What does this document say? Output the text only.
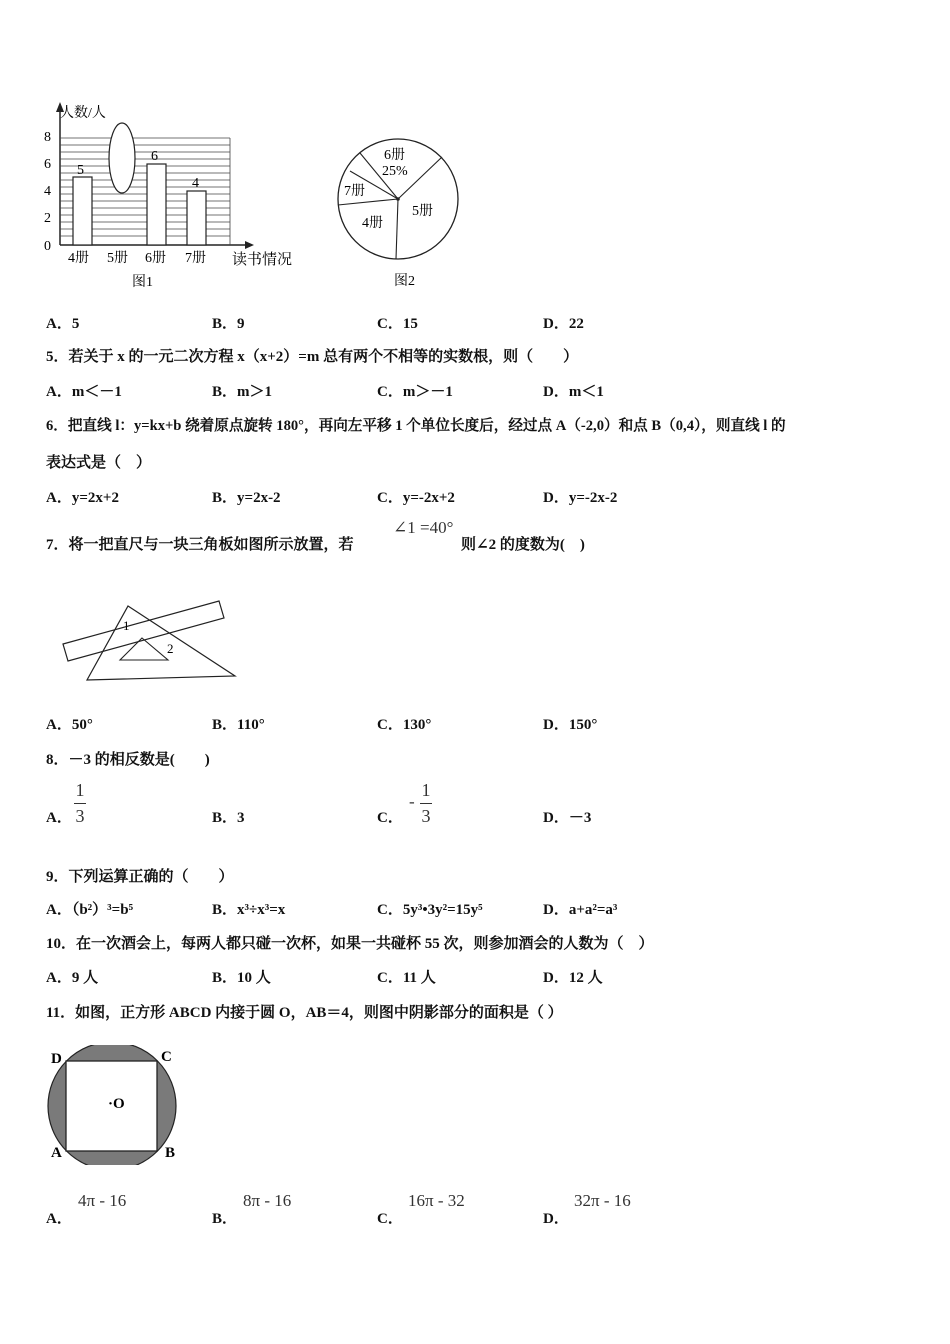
人数/人
0
2
4
6
8
5
6
4
4册 5册 6册 7册 读书情况
图1
6册
25%
7册
4册
5册
图2
A．5	B．9	C．15	D．22
5．若关于 x 的一元二次方程 x（x+2）=m 总有两个不相等的实数根，则（　　）
A．m＜－1	B．m＞1	C．m＞－1	D．m＜1
6．把直线 l：y=kx+b 绕着原点旋转 180°，再向左平移 1 个单位长度后，经过点 A（-2,0）和点 B（0,4），则直线 l 的
表达式是（　）
A．y=2x+2	B．y=2x-2	C．y=-2x+2	D．y=-2x-2
7．将一把直尺与一块三角板如图所示放置，若
∠1 =40°
则∠2 的度数为(　)
1
2
A．50°	B．110°	C．130°	D．150°
8．－3 的相反数是(　　)
A．
1
3	B．3	C．
-
1
3	D．－3
9．下列运算正确的（　　）
A．（b²）³=b⁵	B．x³÷x³=x	C．5y³•3y²=15y⁵	D．a+a²=a³
10．在一次酒会上，每两人都只碰一次杯，如果一共碰杯 55 次，则参加酒会的人数为（　）
A．9 人	B．10 人	C．11 人	D．12 人
11．如图，正方形 ABCD 内接于圆 O，AB＝4，则图中阴影部分的面积是（ ）
D	C
A	B
·O
A．
4π - 16
B．
8π - 16
C．
16π - 32
D．
32π - 16
